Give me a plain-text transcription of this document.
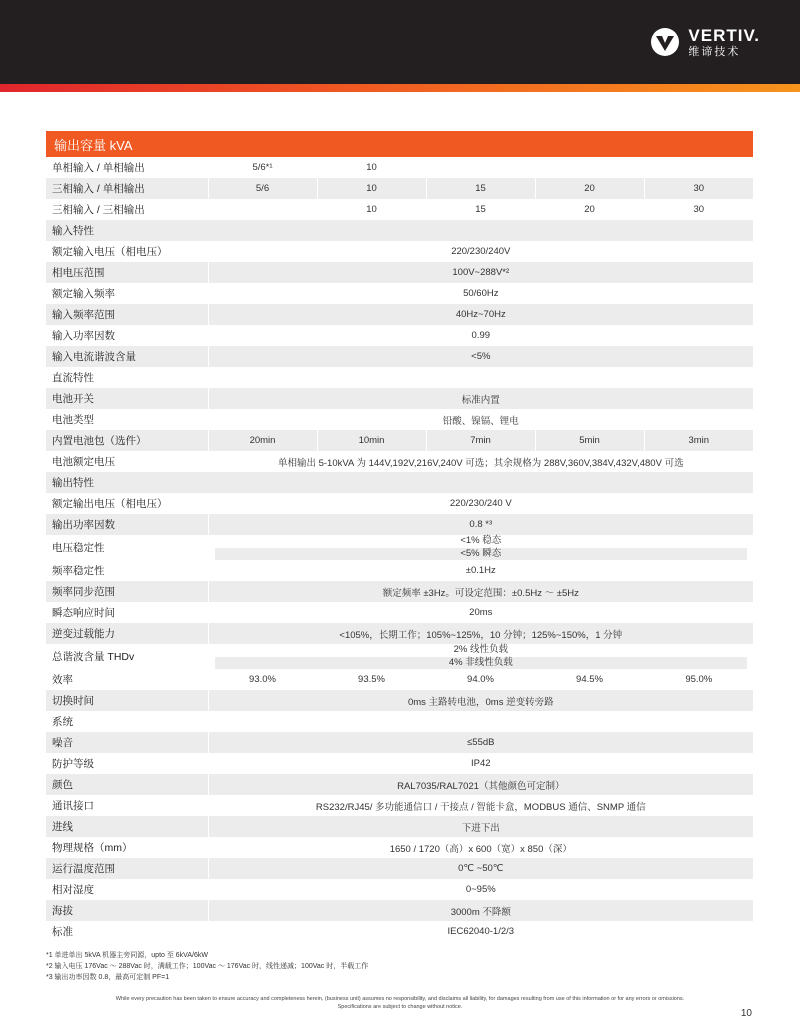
VERTIV.
维谛技术
输出容量 kVA					
单相输入 / 单相输出	5/6*¹	10			
三相输入 / 单相输出	5/6	10	15	20	30
三相输入 / 三相输出		10	15	20	30
输入特性					
额定输入电压（相电压）	220/230/240V				
相电压范围	100V~288V*²				
额定输入频率	50/60Hz				
输入频率范围	40Hz~70Hz				
输入功率因数	0.99				
输入电流谐波含量	<5%				
直流特性					
电池开关	标准内置				
电池类型	铅酸、镍镉、锂电				
内置电池包（选件）	20min	10min	7min	5min	3min
电池额定电压	单相输出 5-10kVA 为 144V,192V,216V,240V 可选；其余规格为 288V,360V,384V,432V,480V 可选				
输出特性					
额定输出电压（相电压）	220/230/240 V				
输出功率因数	0.8 *³				
电压稳定性	<1% 稳态
<5% 瞬态				

频率稳定性	±0.1Hz				
频率同步范围	额定频率 ±3Hz。可设定范围：±0.5Hz ～ ±5Hz				
瞬态响应时间	20ms				
逆变过载能力	<105%，长期工作；105%~125%，10 分钟；125%~150%，1 分钟				
总谐波含量 THDv	2% 线性负载
4% 非线性负载				

效率	93.0%	93.5%	94.0%	94.5%	95.0%
切换时间	0ms 主路转电池，0ms 逆变转旁路				
系统					
噪音	≤55dB				
防护等级	IP42				
颜色	RAL7035/RAL7021（其他颜色可定制）				
通讯接口	RS232/RJ45/ 多功能通信口 / 干接点 / 智能卡盒，MODBUS 通信、SNMP 通信				
进线	下进下出				
物理规格（mm）	1650 / 1720（高）x 600（宽）x 850（深）				
运行温度范围	0℃ ~50℃				
相对湿度	0~95%				
海拔	3000m 不降额				
标准	IEC62040-1/2/3				
*1 单进单出 5kVA 机器主旁同源，upto 至 6kVA/6kW
*2 输入电压 176Vac ～ 288Vac 时，满载工作；100Vac ～ 176Vac 时，线性递减；100Vac 时，半载工作
*3 输出功率因数 0.8，最高可定制 PF=1
While every precaution has been taken to ensure accuracy and completeness herein, (business unit) assumes no responsibility, and disclaims all liability, for damages resulting from use of this information or for any errors or omissions.
Specifications are subject to change without notice.
10
